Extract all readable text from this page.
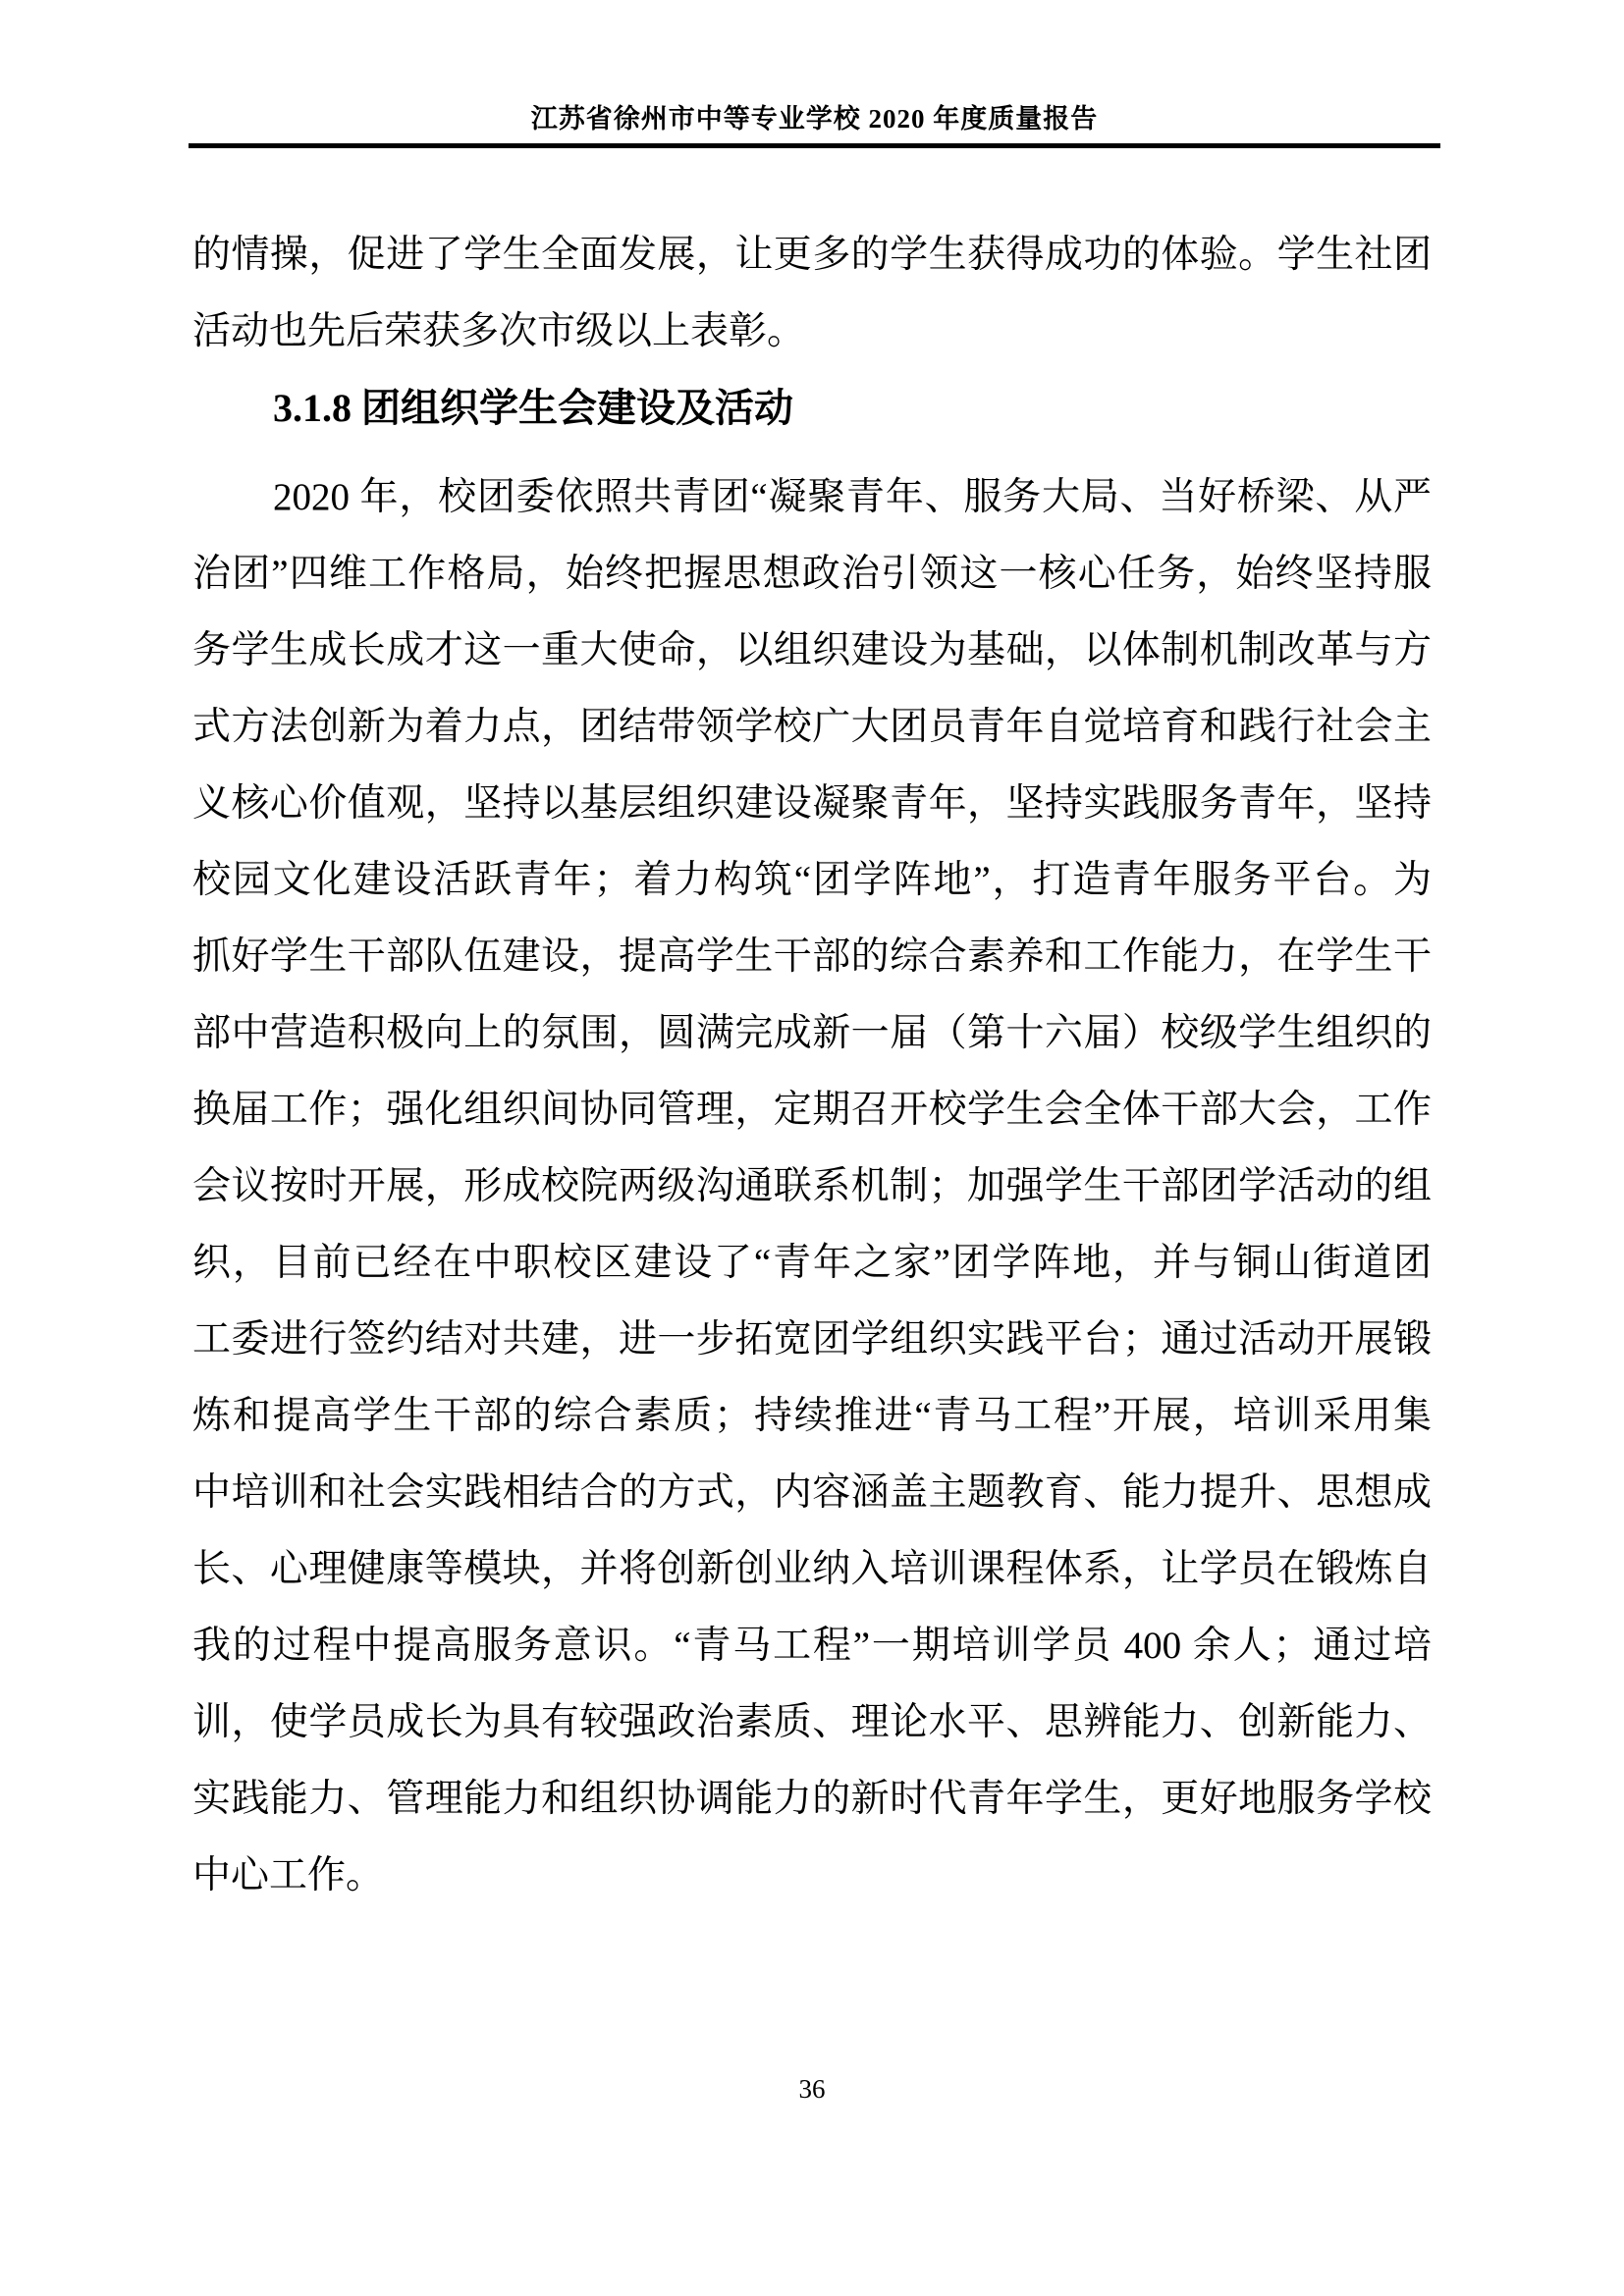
江苏省徐州市中等专业学校 2020 年度质量报告
的情操，促进了学生全面发展，让更多的学生获得成功的体验。学生社团
活动也先后荣获多次市级以上表彰。
3.1.8 团组织学生会建设及活动
2020 年，校团委依照共青团“凝聚青年、服务大局、当好桥梁、从严
治团”四维工作格局，始终把握思想政治引领这一核心任务，始终坚持服
务学生成长成才这一重大使命，以组织建设为基础，以体制机制改革与方
式方法创新为着力点，团结带领学校广大团员青年自觉培育和践行社会主
义核心价值观，坚持以基层组织建设凝聚青年，坚持实践服务青年，坚持
校园文化建设活跃青年；着力构筑“团学阵地”，打造青年服务平台。为
抓好学生干部队伍建设，提高学生干部的综合素养和工作能力，在学生干
部中营造积极向上的氛围，圆满完成新一届（第十六届）校级学生组织的
换届工作；强化组织间协同管理，定期召开校学生会全体干部大会，工作
会议按时开展，形成校院两级沟通联系机制；加强学生干部团学活动的组
织，目前已经在中职校区建设了“青年之家”团学阵地，并与铜山街道团
工委进行签约结对共建，进一步拓宽团学组织实践平台；通过活动开展锻
炼和提高学生干部的综合素质；持续推进“青马工程”开展，培训采用集
中培训和社会实践相结合的方式，内容涵盖主题教育、能力提升、思想成
长、心理健康等模块，并将创新创业纳入培训课程体系，让学员在锻炼自
我的过程中提高服务意识。“青马工程”一期培训学员 400 余人；通过培
训，使学员成长为具有较强政治素质、理论水平、思辨能力、创新能力、
实践能力、管理能力和组织协调能力的新时代青年学生，更好地服务学校
中心工作。
36
